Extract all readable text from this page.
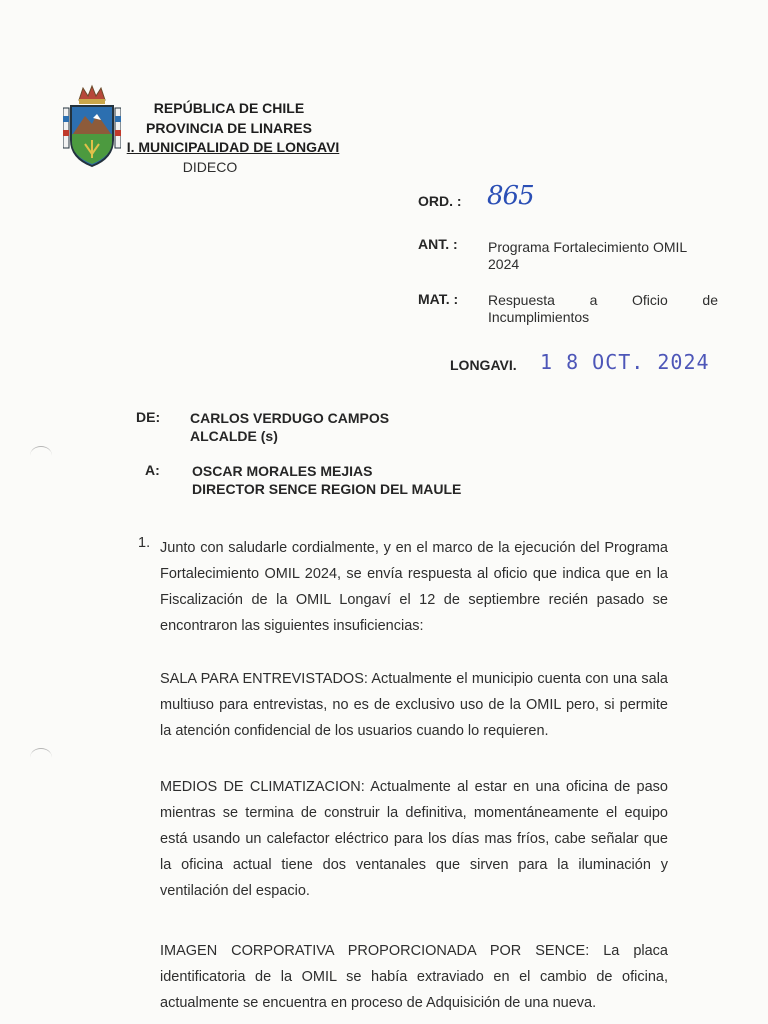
REPÚBLICA DE CHILE
PROVINCIA DE LINARES
I. MUNICIPALIDAD DE LONGAVI
DIDECO
ORD. : 865
ANT. : Programa Fortalecimiento OMIL 2024
MAT. : Respuesta a Oficio de
Incumplimientos
LONGAVI. 1 8 OCT. 2024
DE: CARLOS VERDUGO CAMPOS
ALCALDE (s)
A: OSCAR MORALES MEJIAS
DIRECTOR SENCE REGION DEL MAULE
1. Junto con saludarle cordialmente, y en el marco de la ejecución del Programa Fortalecimiento OMIL 2024, se envía respuesta al oficio que indica que en la Fiscalización de la OMIL Longaví el 12 de septiembre recién pasado se encontraron las siguientes insuficiencias:
SALA PARA ENTREVISTADOS: Actualmente el municipio cuenta con una sala multiuso para entrevistas, no es de exclusivo uso de la OMIL pero, si permite la atención confidencial de los usuarios cuando lo requieren.
MEDIOS DE CLIMATIZACION: Actualmente al estar en una oficina de paso mientras se termina de construir la definitiva, momentáneamente el equipo está usando un calefactor eléctrico para los días mas fríos, cabe señalar que la oficina actual tiene dos ventanales que sirven para la iluminación y ventilación del espacio.
IMAGEN CORPORATIVA PROPORCIONADA POR SENCE: La placa identificatoria de la OMIL se había extraviado en el cambio de oficina, actualmente se encuentra en proceso de Adquisición de una nueva.
